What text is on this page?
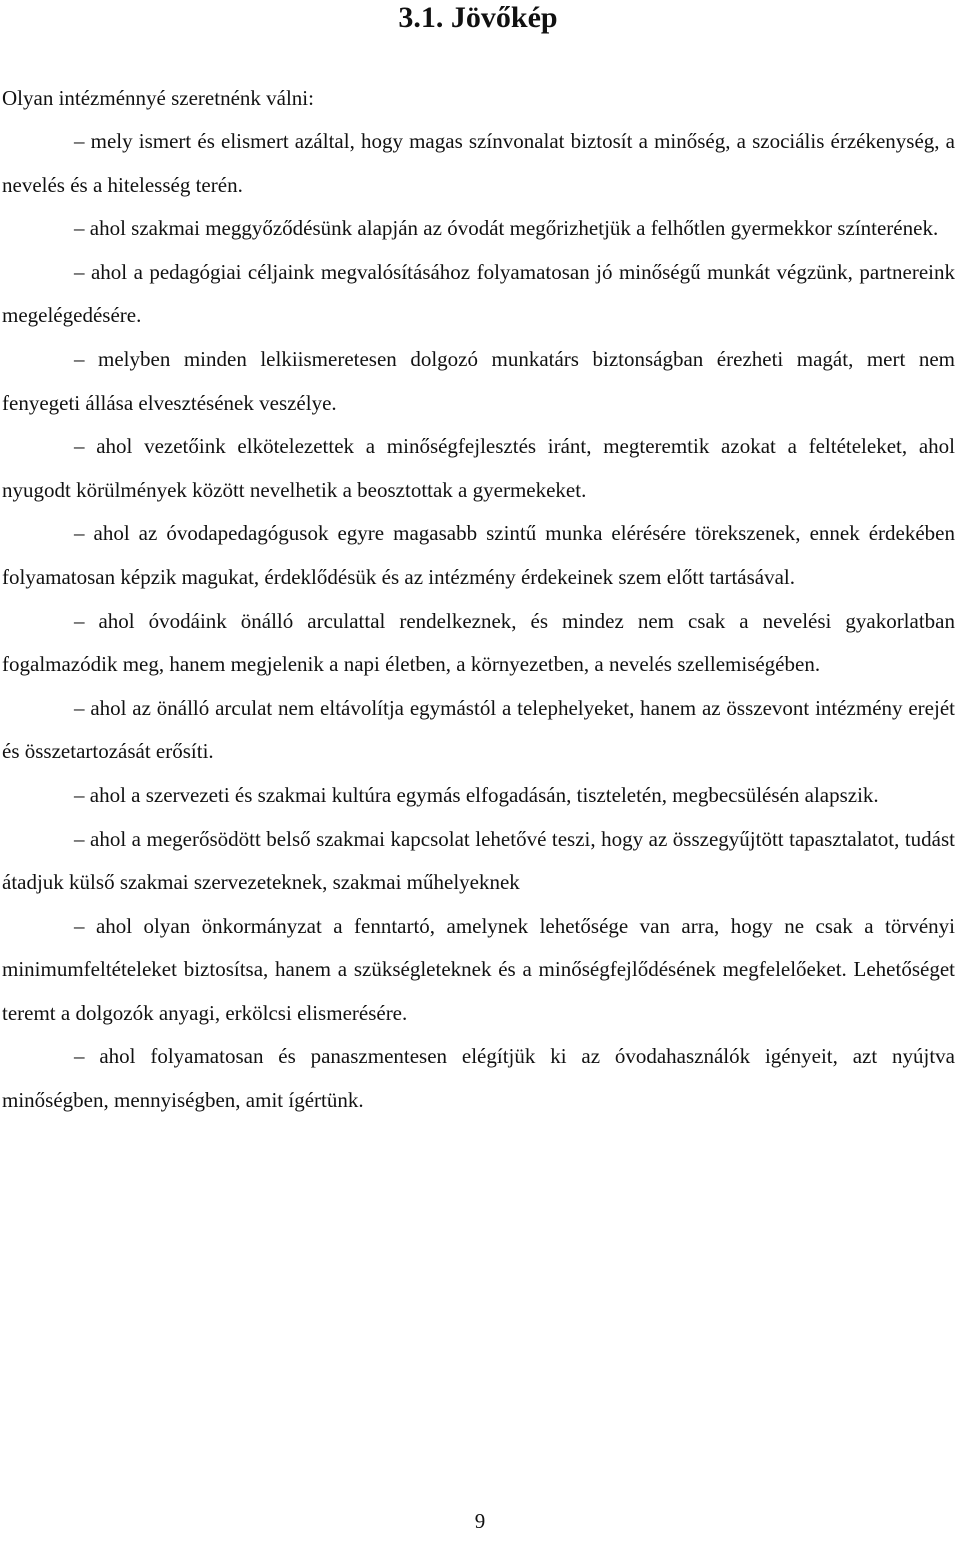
3.1. Jövőkép

Olyan intézménnyé szeretnénk válni:

– mely ismert és elismert azáltal, hogy magas színvonalat biztosít a minőség, a szociális érzékenység, a nevelés és a hitelesség terén.
– ahol szakmai meggyőződésünk alapján az óvodát megőrizhetjük a felhőtlen gyermekkor színterének.
– ahol a pedagógiai céljaink megvalósításához folyamatosan jó minőségű munkát végzünk, partnereink megelégedésére.
– melyben minden lelkiismeretesen dolgozó munkatárs biztonságban érezheti magát, mert nem fenyegeti állása elvesztésének veszélye.
– ahol vezetőink elkötelezettek a minőségfejlesztés iránt, megteremtik azokat a feltételeket, ahol nyugodt körülmények között nevelhetik a beosztottak a gyermekeket.
– ahol az óvodapedagógusok egyre magasabb szintű munka elérésére törekszenek, ennek érdekében folyamatosan képzik magukat, érdeklődésük és az intézmény érdekeinek szem előtt tartásával.
– ahol óvodáink önálló arculattal rendelkeznek, és mindez nem csak a nevelési gyakorlatban fogalmazódik meg, hanem megjelenik a napi életben, a környezetben, a nevelés szellemiségében.
– ahol az önálló arculat nem eltávolítja egymástól a telephelyeket, hanem az összevont intézmény erejét és összetartozását erősíti.
– ahol a szervezeti és szakmai kultúra egymás elfogadásán, tiszteletén, megbecsülésén alapszik.
– ahol a megerősödött belső szakmai kapcsolat lehetővé teszi, hogy az összegyűjtött tapasztalatot, tudást átadjuk külső szakmai szervezeteknek, szakmai műhelyeknek
– ahol olyan önkormányzat a fenntartó, amelynek lehetősége van arra, hogy ne csak a törvényi minimumfeltételeket biztosítsa, hanem a szükségleteknek és a minőségfejlődésének megfelelőeket. Lehetőséget teremt a dolgozók anyagi, erkölcsi elismerésére.
– ahol folyamatosan és panaszmentesen elégítjük ki az óvodahasználók igényeit, azt nyújtva minőségben, mennyiségben, amit ígértünk.
9
